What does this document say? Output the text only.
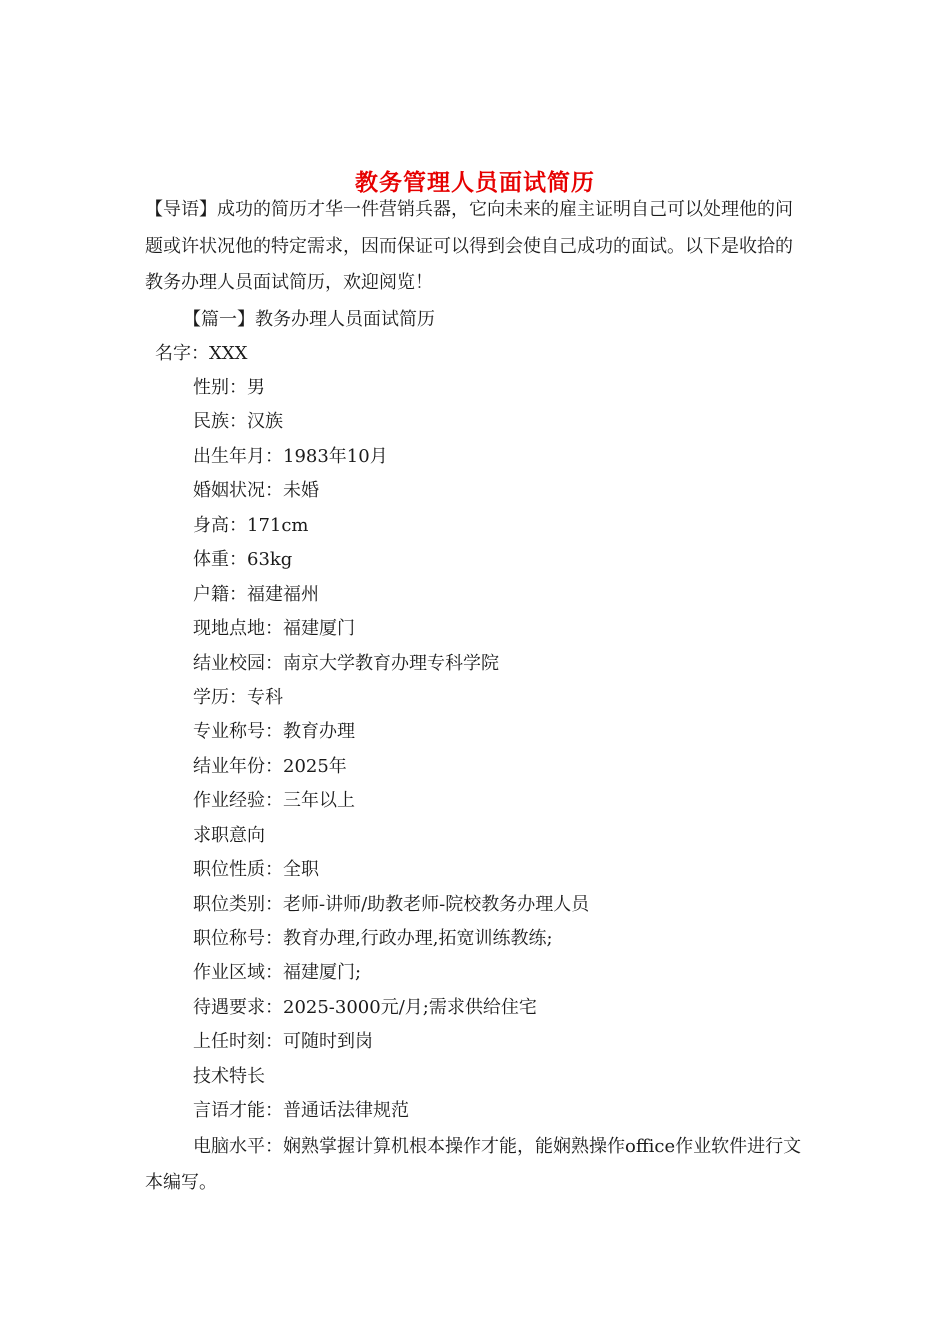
教务管理人员面试简历

【导语】成功的简历才华一件营销兵器，它向未来的雇主证明自己可以处理他的问题或许状况他的特定需求，因而保证可以得到会使自己成功的面试。以下是收拾的教务办理人员面试简历，欢迎阅览！

【篇一】教务办理人员面试简历

名字：XXX

性别：男
民族：汉族
出生年月：1983年10月
婚姻状况：未婚
身高：171cm
体重：63kg
户籍：福建福州
现地点地：福建厦门
结业校园：南京大学教育办理专科学院
学历：专科
专业称号：教育办理
结业年份：2025年
作业经验：三年以上
求职意向
职位性质：全职
职位类别：老师-讲师/助教老师-院校教务办理人员
职位称号：教育办理,行政办理,拓宽训练教练;
作业区域：福建厦门;
待遇要求：2025-3000元/月;需求供给住宅
上任时刻：可随时到岗
技术特长
言语才能：普通话法律规范

电脑水平：娴熟掌握计算机根本操作才能，能娴熟操作office作业软件进行文本编写。
